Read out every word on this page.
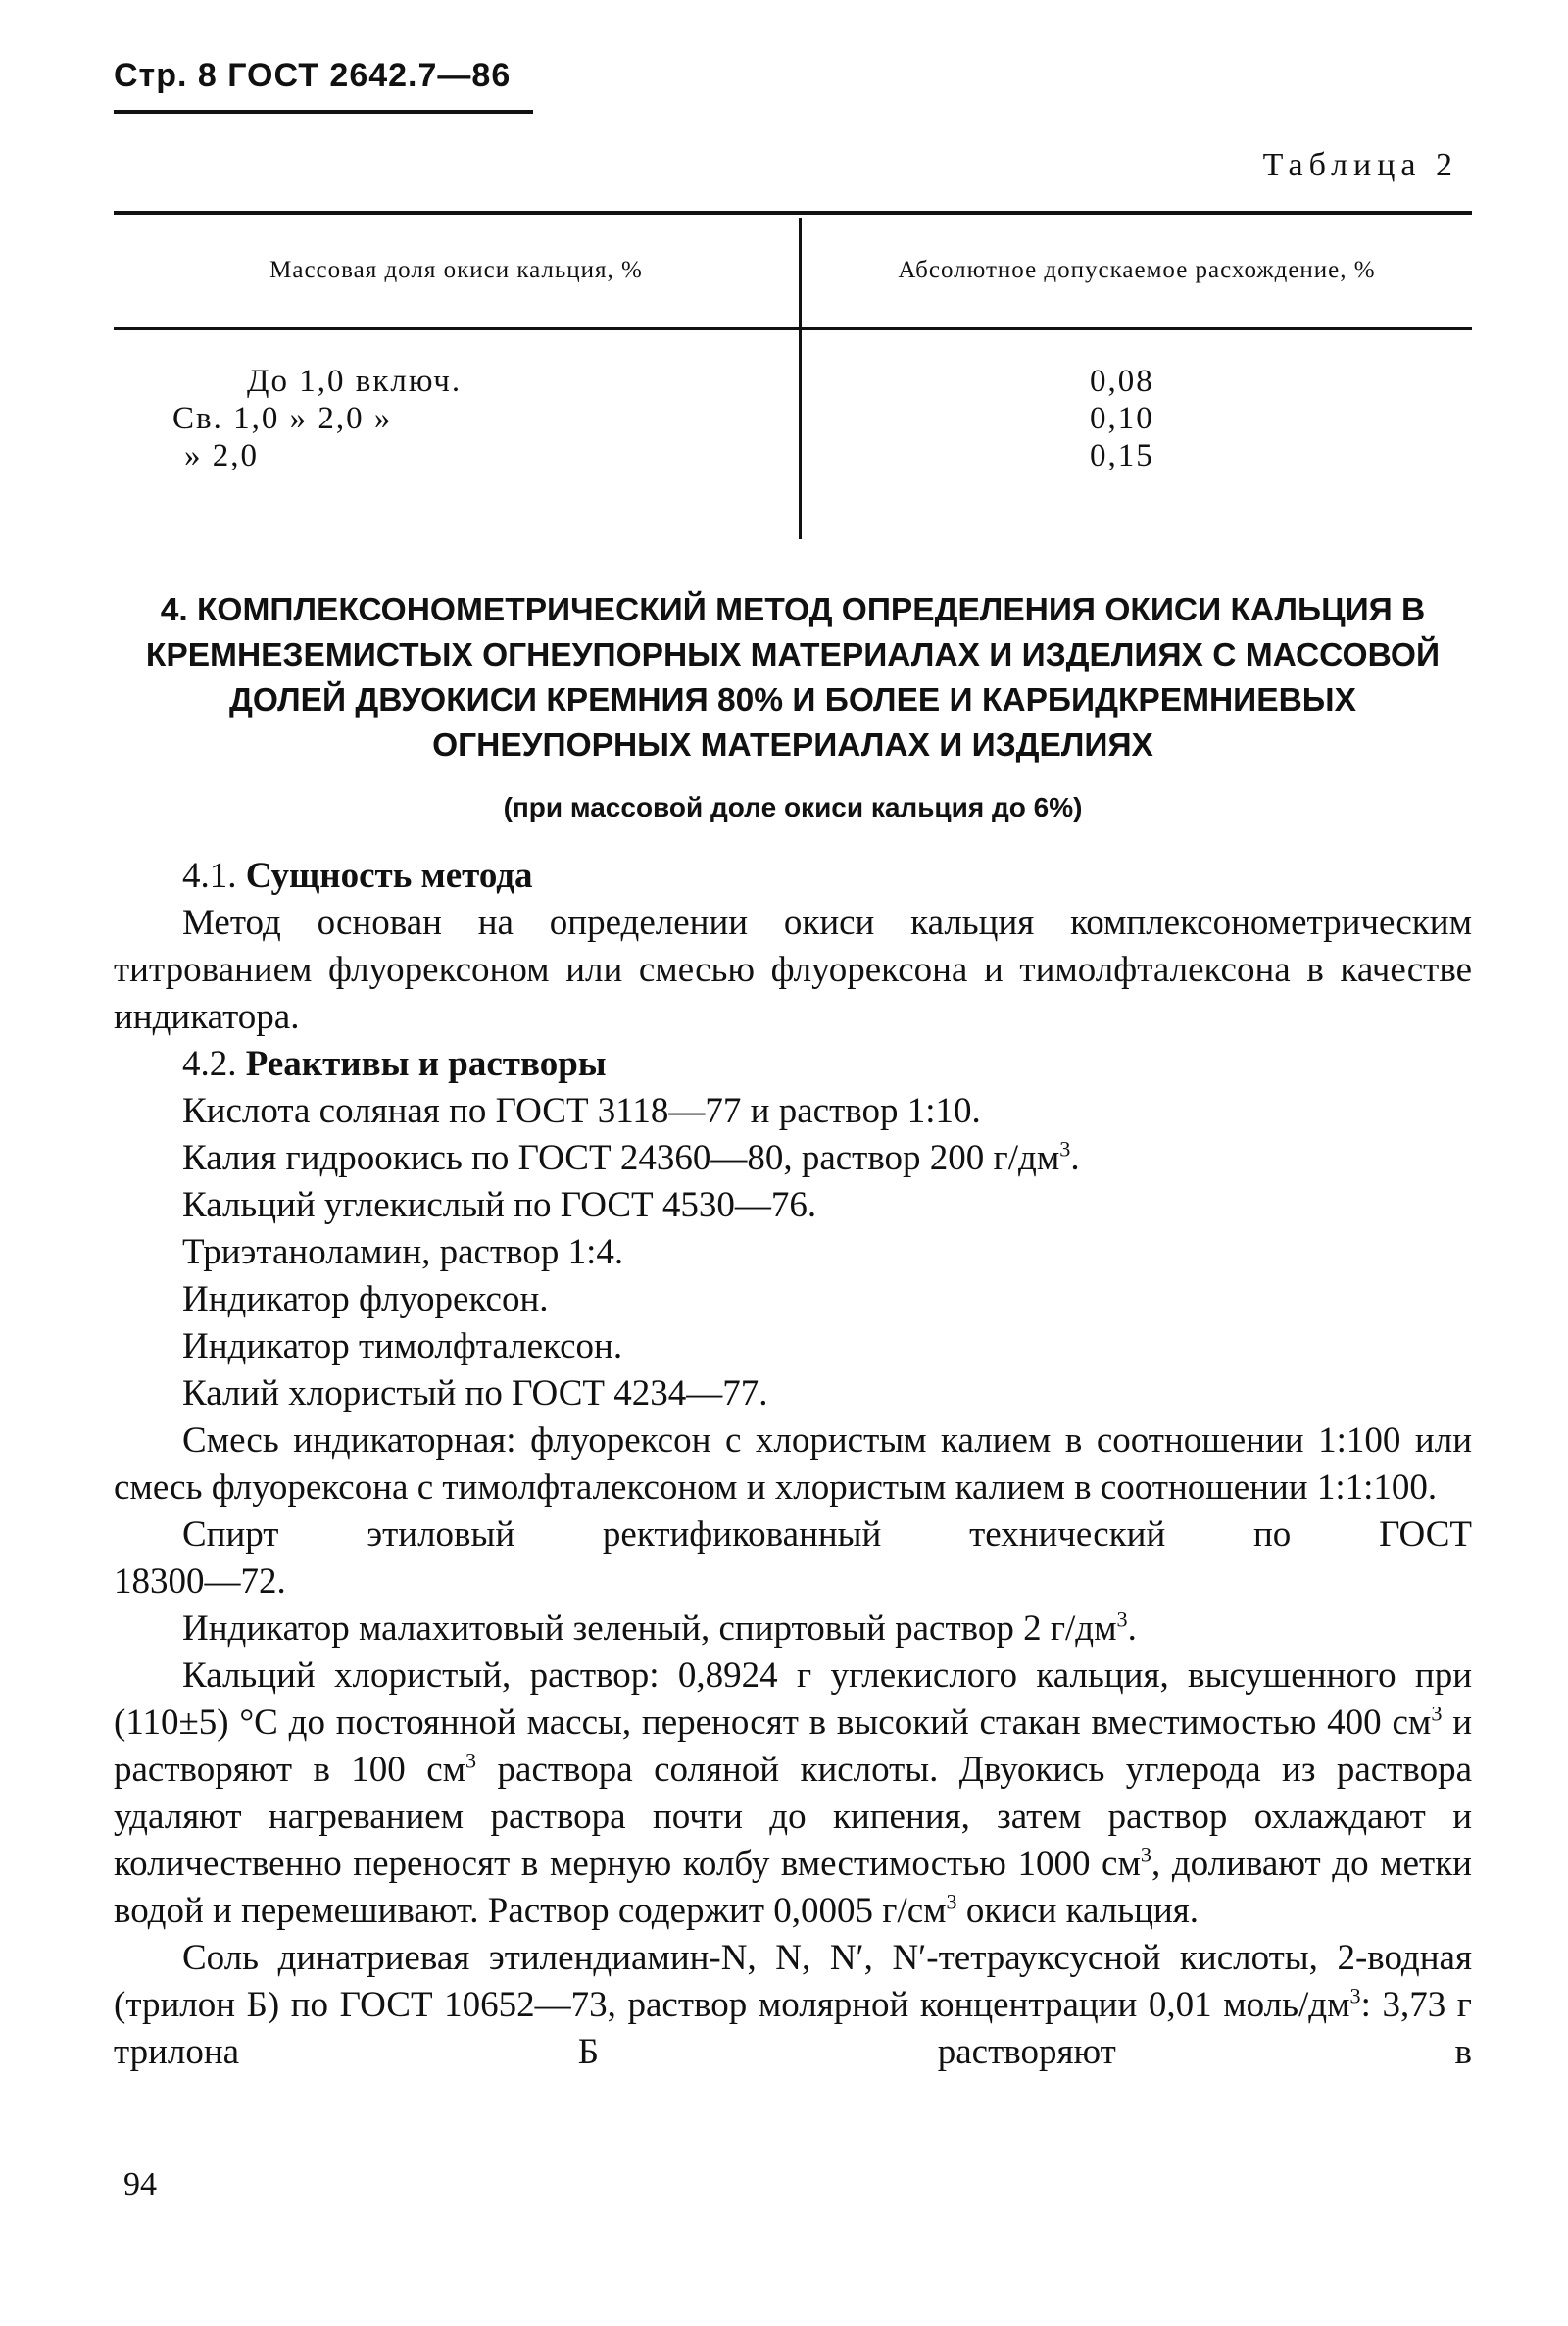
Стр. 8 ГОСТ 2642.7—86
Таблица 2
Массовая доля окиси кальция, %	Абсолютное допускаемое расхождение, %
До 1,0 включ.
Св. 1,0 » 2,0 »
» 2,0
0,08
0,10
0,15
4. КОМПЛЕКСОНОМЕТРИЧЕСКИЙ МЕТОД ОПРЕДЕЛЕНИЯ ОКИСИ КАЛЬЦИЯ В
КРЕМНЕЗЕМИСТЫХ ОГНЕУПОРНЫХ МАТЕРИАЛАХ И ИЗДЕЛИЯХ С МАССОВОЙ
ДОЛЕЙ ДВУОКИСИ КРЕМНИЯ 80% И БОЛЕЕ И КАРБИДКРЕМНИЕВЫХ
ОГНЕУПОРНЫХ МАТЕРИАЛАХ И ИЗДЕЛИЯХ
(при массовой доле окиси кальция до 6%)

4.1. Сущность метода

Метод основан на определении окиси кальция комплексонометрическим титрованием флуорексоном или смесью флуорексона и тимолфталексона в качестве индикатора.

4.2. Реактивы и растворы

Кислота соляная по ГОСТ 3118—77 и раствор 1:10.

Калия гидроокись по ГОСТ 24360—80, раствор 200 $г/дм^3$.

Кальций углекислый по ГОСТ 4530—76.

Триэтаноламин, раствор 1:4.

Индикатор флуорексон.

Индикатор тимолфталексон.

Калий хлористый по ГОСТ 4234—77.

Смесь индикаторная: флуорексон с хлористым калием в соотношении 1:100 или смесь флуорексона с тимолфталексоном и хлористым калием в соотношении 1:1:100.

Спирт этиловый ректификованный технический по ГОСТ

18300—72.

Индикатор малахитовый зеленый, спиртовый раствор 2 $г/дм^3$.

Кальций хлористый, раствор: 0,8924 г углекислого кальция, высушенного при (110±5) °С до постоянной массы, переносят в высокий стакан вместимостью 400 $см^3$ и растворяют в 100 $см^3$ раствора соляной кислоты. Двуокись углерода из раствора удаляют нагреванием раствора почти до кипения, затем раствор охлаждают и количественно переносят в мерную колбу вместимостью 1000 $см^3$, доливают до метки водой и перемешивают. Раствор содержит 0,0005 $г/см^3$ окиси кальция.

Соль динатриевая этилендиамин-N, N, N′, N′-тетрауксусной кислоты, 2-водная (трилон Б) по ГОСТ 10652—73, раствор молярной концентрации 0,01 моль/$дм^3$: 3,73 г трилона Б растворяют в

94
